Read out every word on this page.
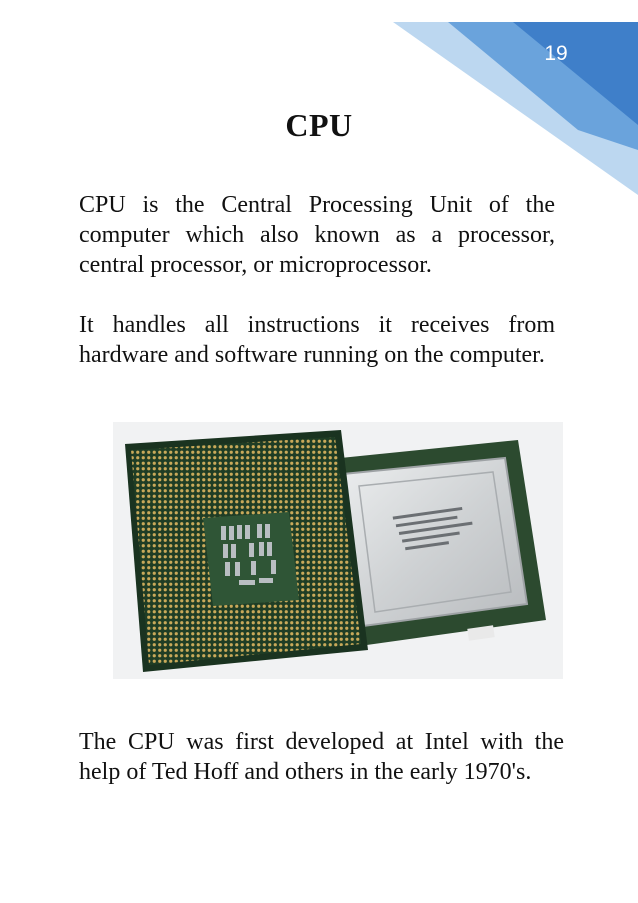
19
CPU

CPU is the Central Processing Unit of the computer which also known as a processor, central processor, or microprocessor.

It handles all instructions it receives from hardware and software running on the computer.

The CPU was first developed at Intel with the help of Ted Hoff and others in the early 1970's.
